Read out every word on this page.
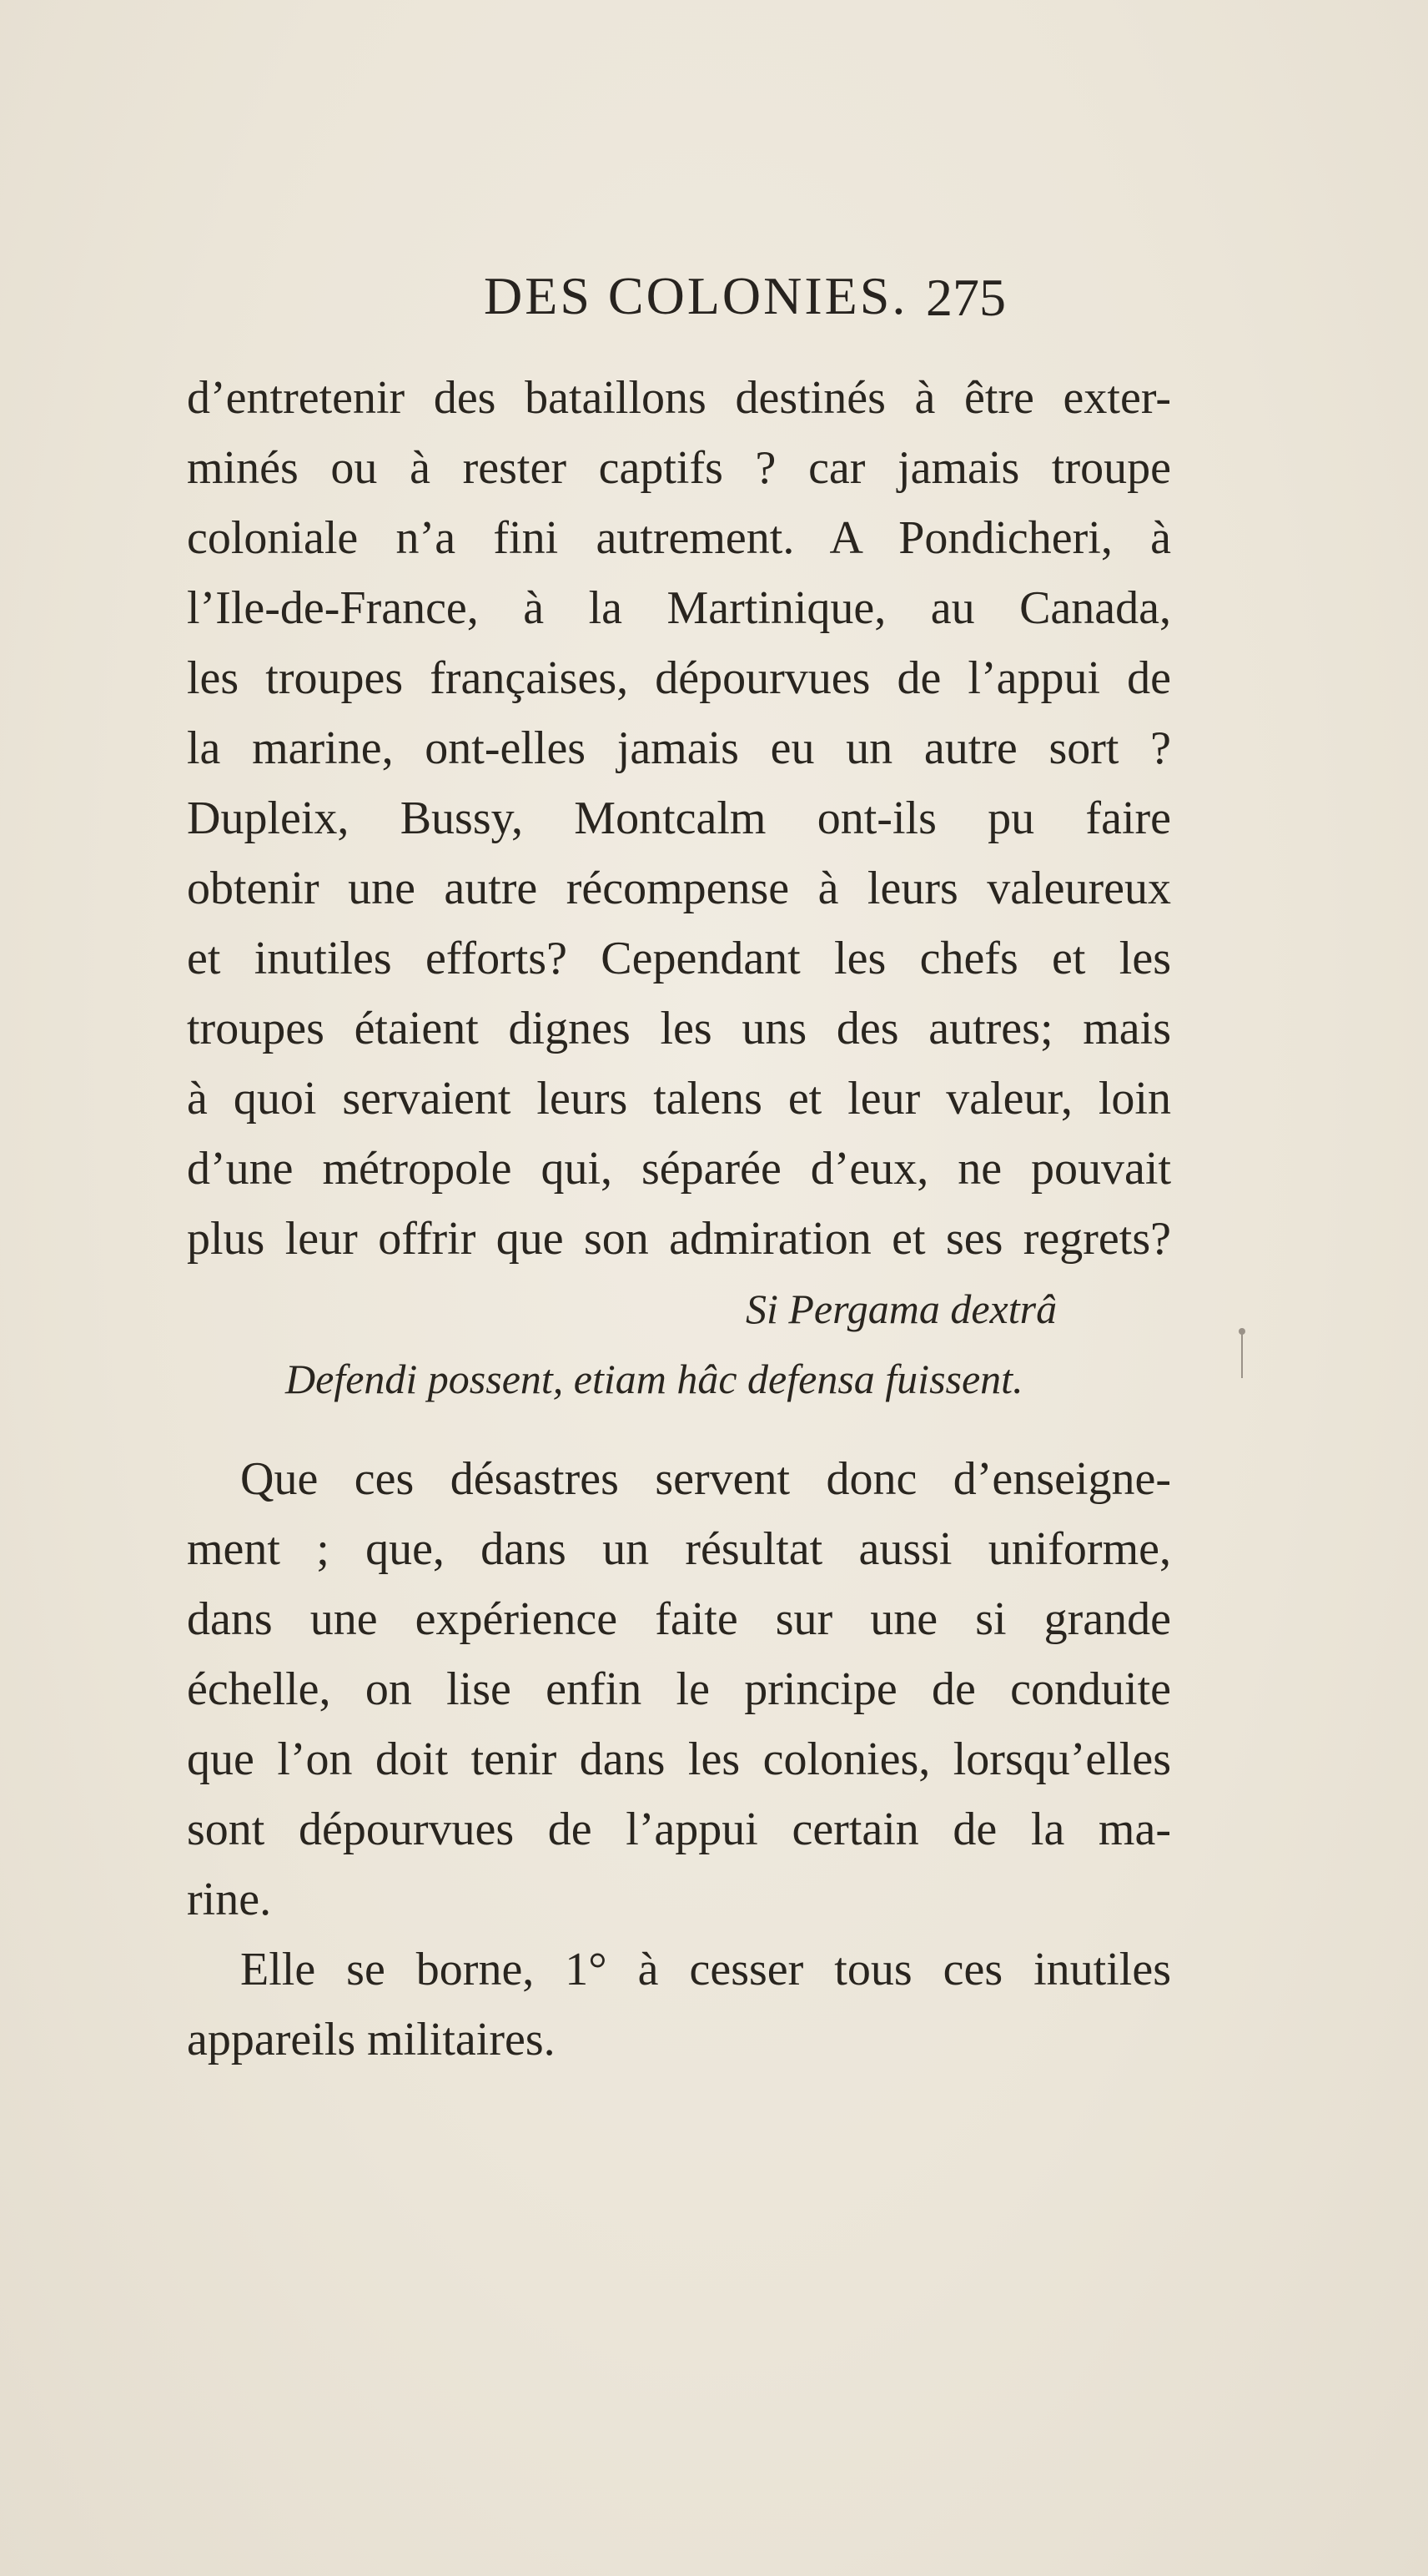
DES COLONIES. 275
d’entretenir des bataillons destinés à être exter-
minés ou à rester captifs ? car jamais troupe
coloniale n’a fini autrement. A Pondicheri, à
l’Ile-de-France, à la Martinique, au Canada,
les troupes françaises, dépourvues de l’appui de
la marine, ont-elles jamais eu un autre sort ?
Dupleix, Bussy, Montcalm ont-ils pu faire
obtenir une autre récompense à leurs valeureux
et inutiles efforts? Cependant les chefs et les
troupes étaient dignes les uns des autres; mais
à quoi servaient leurs talens et leur valeur, loin
d’une métropole qui, séparée d’eux, ne pouvait
plus leur offrir que son admiration et ses regrets?
Si Pergama dextrâ
Defendi possent, etiam hâc defensa fuissent.
Que ces désastres servent donc d’enseigne-
ment ; que, dans un résultat aussi uniforme,
dans une expérience faite sur une si grande
échelle, on lise enfin le principe de conduite
que l’on doit tenir dans les colonies, lorsqu’elles
sont dépourvues de l’appui certain de la ma-
rine.
Elle se borne, 1° à cesser tous ces inutiles
appareils militaires.
